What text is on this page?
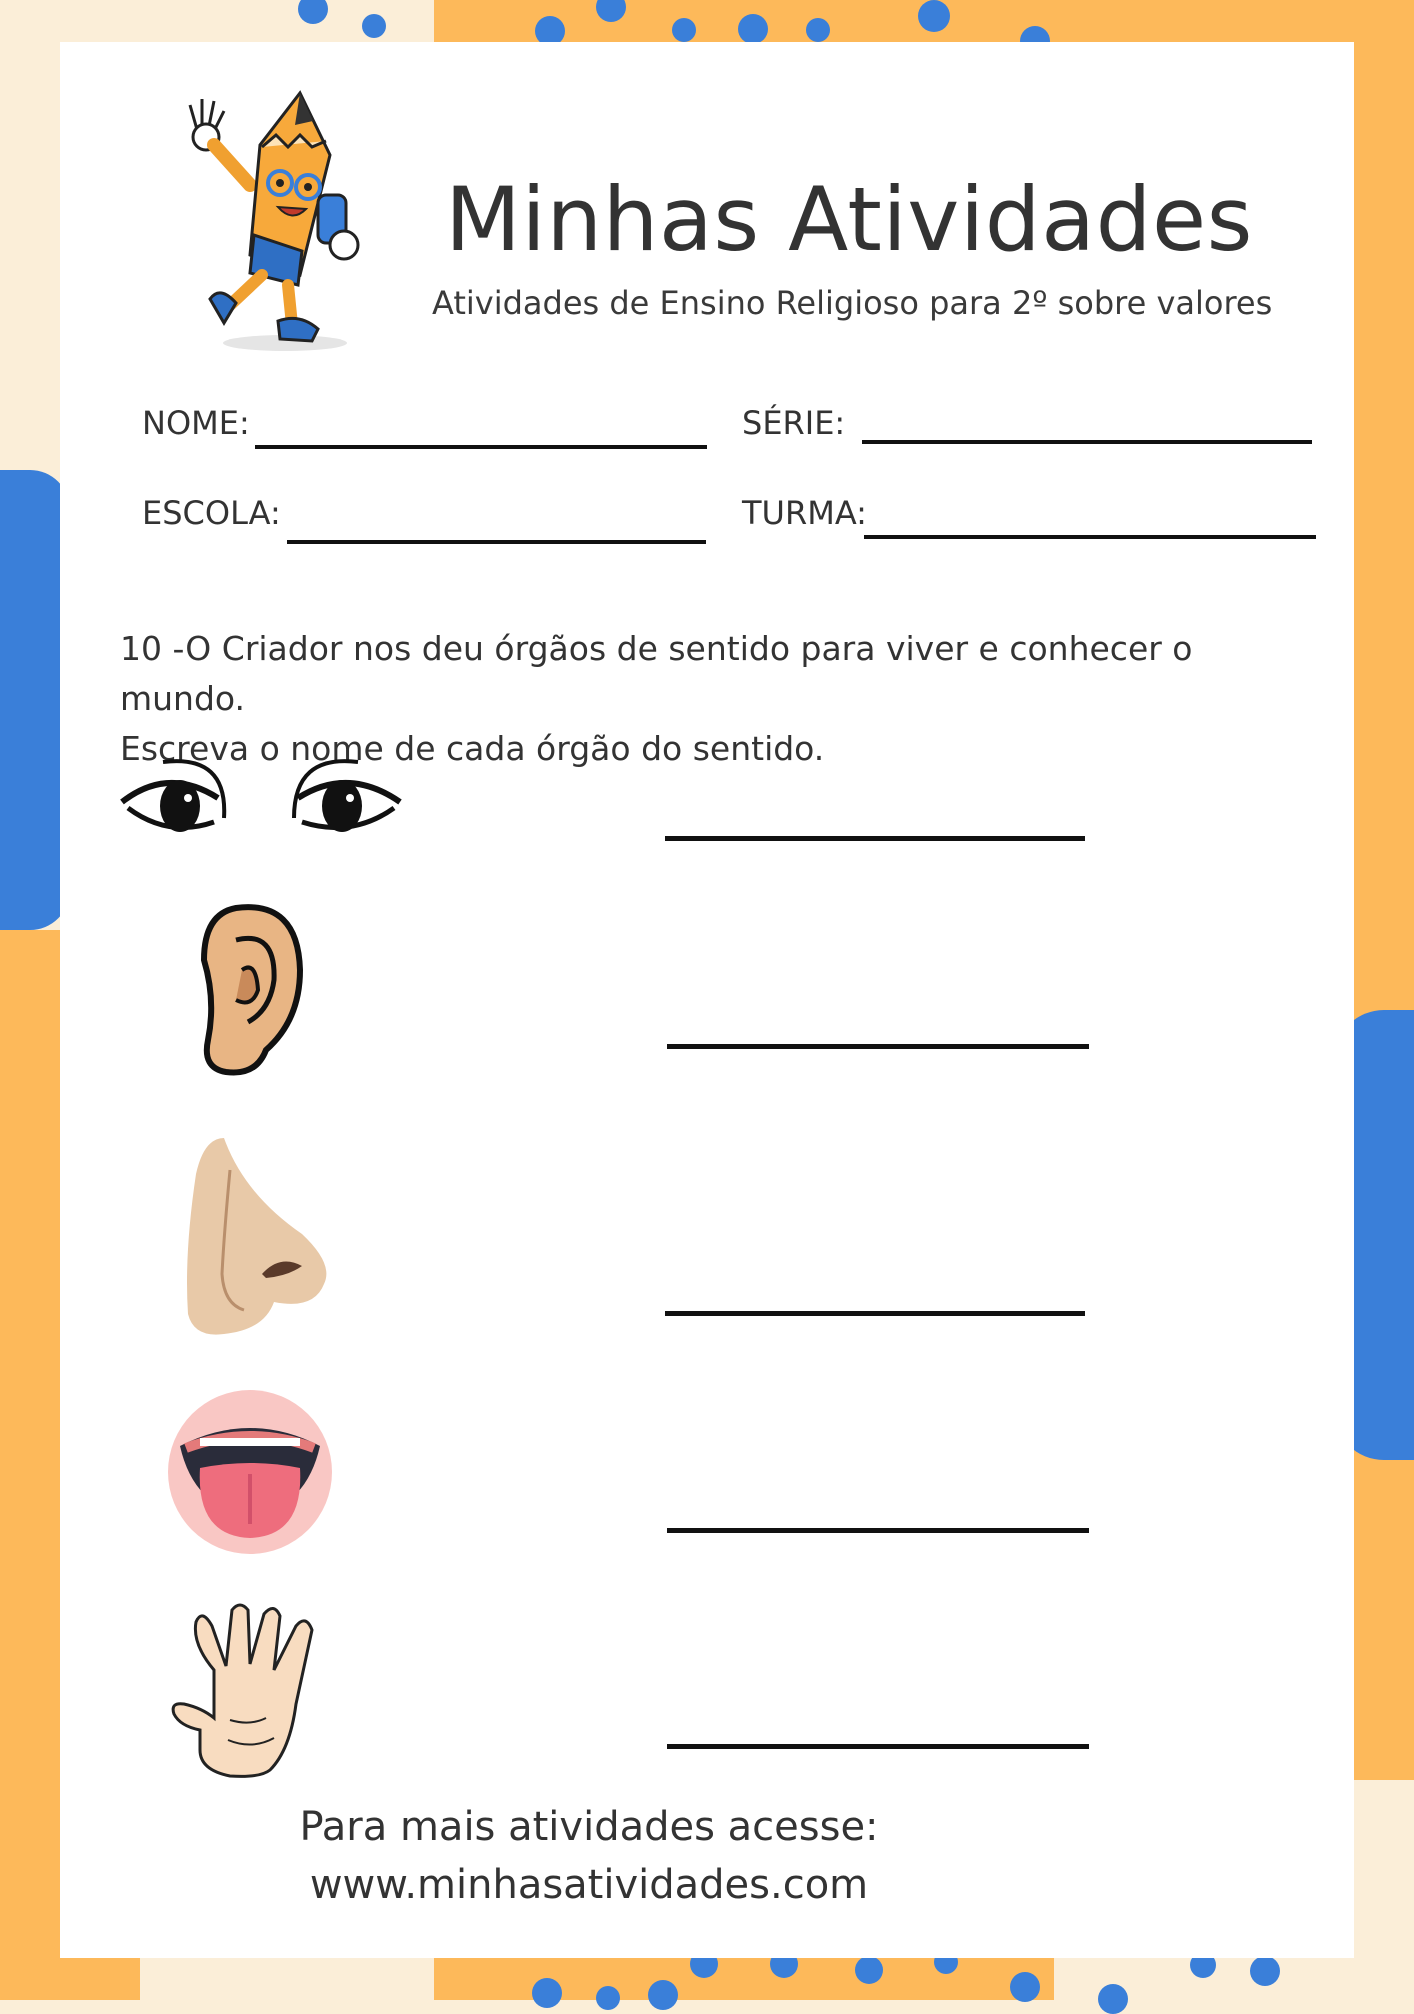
Minhas Atividades
Atividades de Ensino Religioso para 2º sobre valores
NOME:	SÉRIE:
ESCOLA:	TURMA:
10 -O Criador nos deu órgãos de sentido para viver e conhecer o mundo.
Escreva o nome de cada órgão do sentido.
Para mais atividades acesse:
www.minhasatividades.com
